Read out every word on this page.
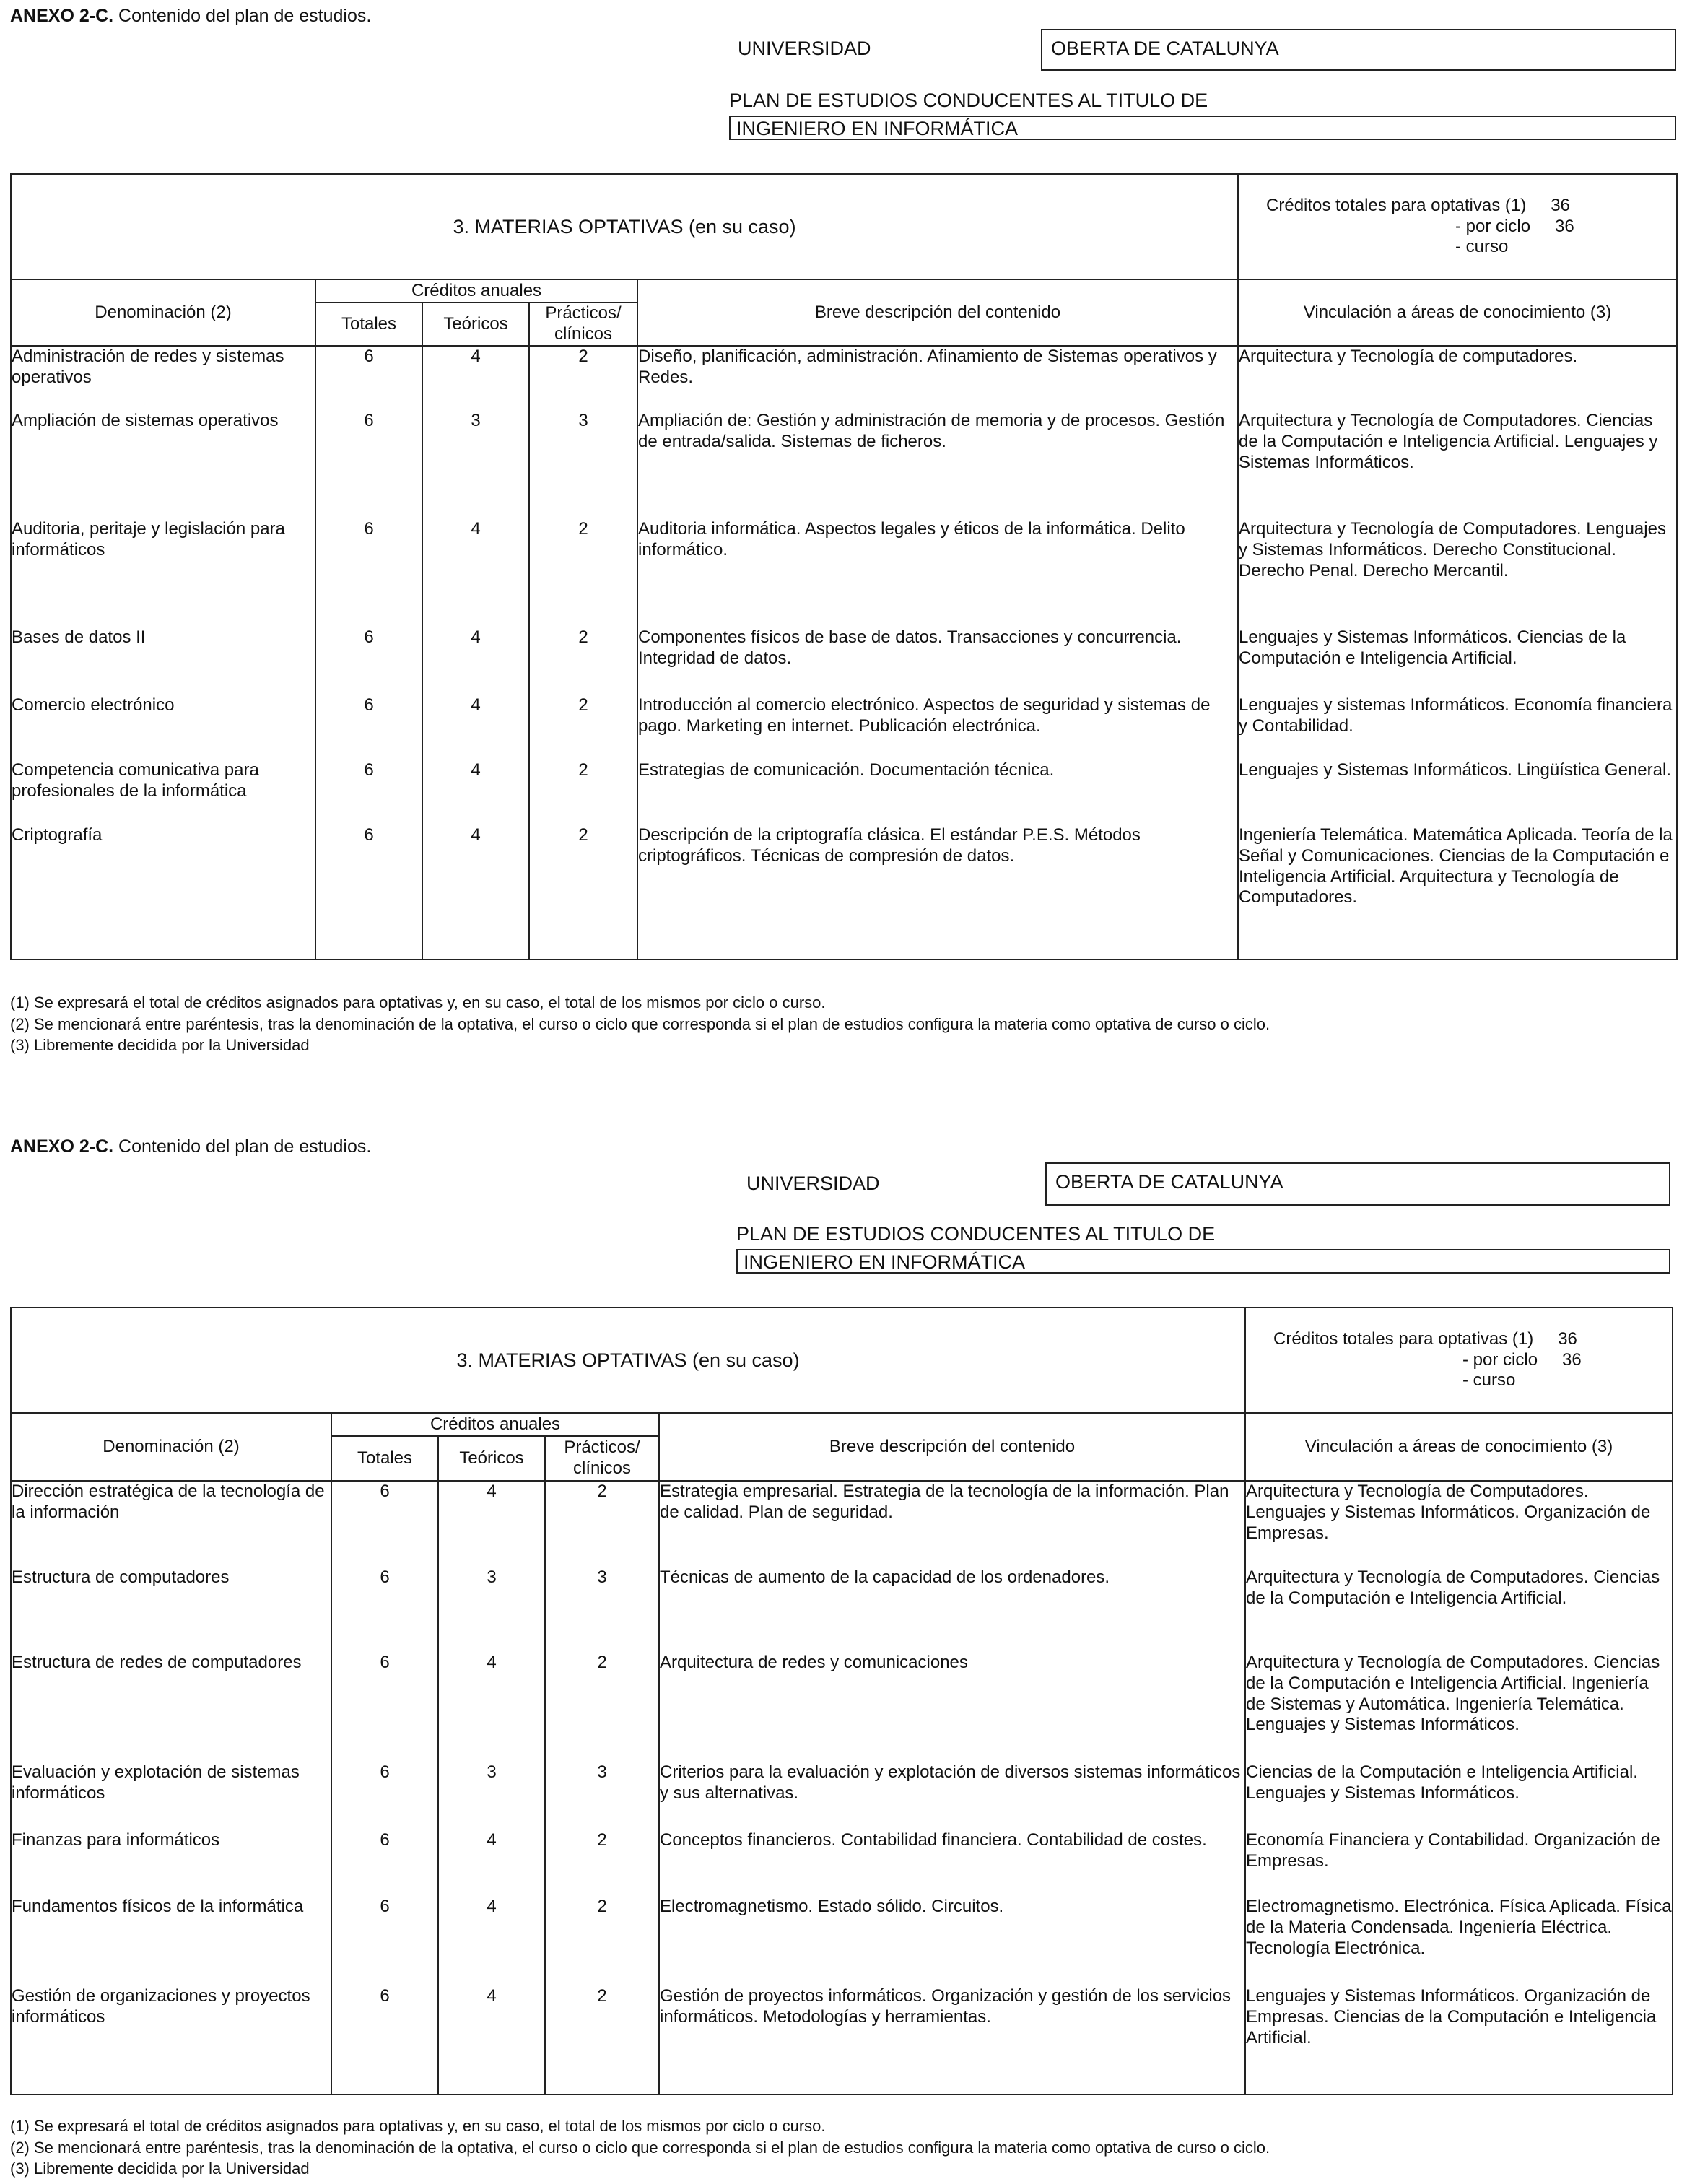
ANEXO 2-C. Contenido del plan de estudios.
UNIVERSIDAD	OBERTA DE CATALUNYA
PLAN DE ESTUDIOS CONDUCENTES AL TITULO DE
INGENIERO EN INFORMÁTICA
3. MATERIAS OPTATIVAS (en su caso)					Créditos totales para optativas (1) 36
- por ciclo 36
- curso

Denominación (2)	Créditos anuales			Breve descripción del contenido	Vinculación a áreas de conocimiento (3)
	Totales	Teóricos	Prácticos/ clínicos		
Administración de redes y sistemas operativos	6	4	2	Diseño, planificación, administración. Afinamiento de Sistemas operativos y Redes.	Arquitectura y Tecnología de computadores.
Ampliación de sistemas operativos	6	3	3	Ampliación de: Gestión y administración de memoria y de procesos. Gestión de entrada/salida. Sistemas de ficheros.	Arquitectura y Tecnología de Computadores. Ciencias de la Computación e Inteligencia Artificial. Lenguajes y Sistemas Informáticos.
Auditoria, peritaje y legislación para informáticos	6	4	2	Auditoria informática. Aspectos legales y éticos de la informática. Delito informático.	Arquitectura y Tecnología de Computadores. Lenguajes y Sistemas Informáticos. Derecho Constitucional. Derecho Penal. Derecho Mercantil.
Bases de datos II	6	4	2	Componentes físicos de base de datos. Transacciones y concurrencia. Integridad de datos.	Lenguajes y Sistemas Informáticos. Ciencias de la Computación e Inteligencia Artificial.
Comercio electrónico	6	4	2	Introducción al comercio electrónico. Aspectos de seguridad y sistemas de pago. Marketing en internet. Publicación electrónica.	Lenguajes y sistemas Informáticos. Economía financiera y Contabilidad.
Competencia comunicativa para profesionales de la informática	6	4	2	Estrategias de comunicación. Documentación técnica.	Lenguajes y Sistemas Informáticos. Lingüística General.
Criptografía	6	4	2	Descripción de la criptografía clásica. El estándar P.E.S. Métodos criptográficos. Técnicas de compresión de datos.	Ingeniería Telemática. Matemática Aplicada. Teoría de la Señal y Comunicaciones. Ciencias de la Computación e Inteligencia Artificial. Arquitectura y Tecnología de Computadores.
(1) Se expresará el total de créditos asignados para optativas y, en su caso, el total de los mismos por ciclo o curso.
(2) Se mencionará entre paréntesis, tras la denominación de la optativa, el curso o ciclo que corresponda si el plan de estudios configura la materia como optativa de curso o ciclo.
(3) Libremente decidida por la Universidad
ANEXO 2-C. Contenido del plan de estudios.
UNIVERSIDAD	OBERTA DE CATALUNYA
PLAN DE ESTUDIOS CONDUCENTES AL TITULO DE
INGENIERO EN INFORMÁTICA
3. MATERIAS OPTATIVAS (en su caso)					Créditos totales para optativas (1) 36
- por ciclo 36
- curso

Denominación (2)	Créditos anuales			Breve descripción del contenido	Vinculación a áreas de conocimiento (3)
	Totales	Teóricos	Prácticos/ clínicos		
Dirección estratégica de la tecnología de la información	6	4	2	Estrategia empresarial. Estrategia de la tecnología de la información. Plan de calidad. Plan de seguridad.	Arquitectura y Tecnología de Computadores. Lenguajes y Sistemas Informáticos. Organización de Empresas.
Estructura de computadores	6	3	3	Técnicas de aumento de la capacidad de los ordenadores.	Arquitectura y Tecnología de Computadores. Ciencias de la Computación e Inteligencia Artificial.
Estructura de redes de computadores	6	4	2	Arquitectura de redes y comunicaciones	Arquitectura y Tecnología de Computadores. Ciencias de la Computación e Inteligencia Artificial. Ingeniería de Sistemas y Automática. Ingeniería Telemática. Lenguajes y Sistemas Informáticos.
Evaluación y explotación de sistemas informáticos	6	3	3	Criterios para la evaluación y explotación de diversos sistemas informáticos y sus alternativas.	Ciencias de la Computación e Inteligencia Artificial. Lenguajes y Sistemas Informáticos.
Finanzas para informáticos	6	4	2	Conceptos financieros. Contabilidad financiera. Contabilidad de costes.	Economía Financiera y Contabilidad. Organización de Empresas.
Fundamentos físicos de la informática	6	4	2	Electromagnetismo. Estado sólido. Circuitos.	Electromagnetismo. Electrónica. Física Aplicada. Física de la Materia Condensada. Ingeniería Eléctrica. Tecnología Electrónica.
Gestión de organizaciones y proyectos informáticos	6	4	2	Gestión de proyectos informáticos. Organización y gestión de los servicios informáticos. Metodologías y herramientas.	Lenguajes y Sistemas Informáticos. Organización de Empresas. Ciencias de la Computación e Inteligencia Artificial.
(1) Se expresará el total de créditos asignados para optativas y, en su caso, el total de los mismos por ciclo o curso.
(2) Se mencionará entre paréntesis, tras la denominación de la optativa, el curso o ciclo que corresponda si el plan de estudios configura la materia como optativa de curso o ciclo.
(3) Libremente decidida por la Universidad
